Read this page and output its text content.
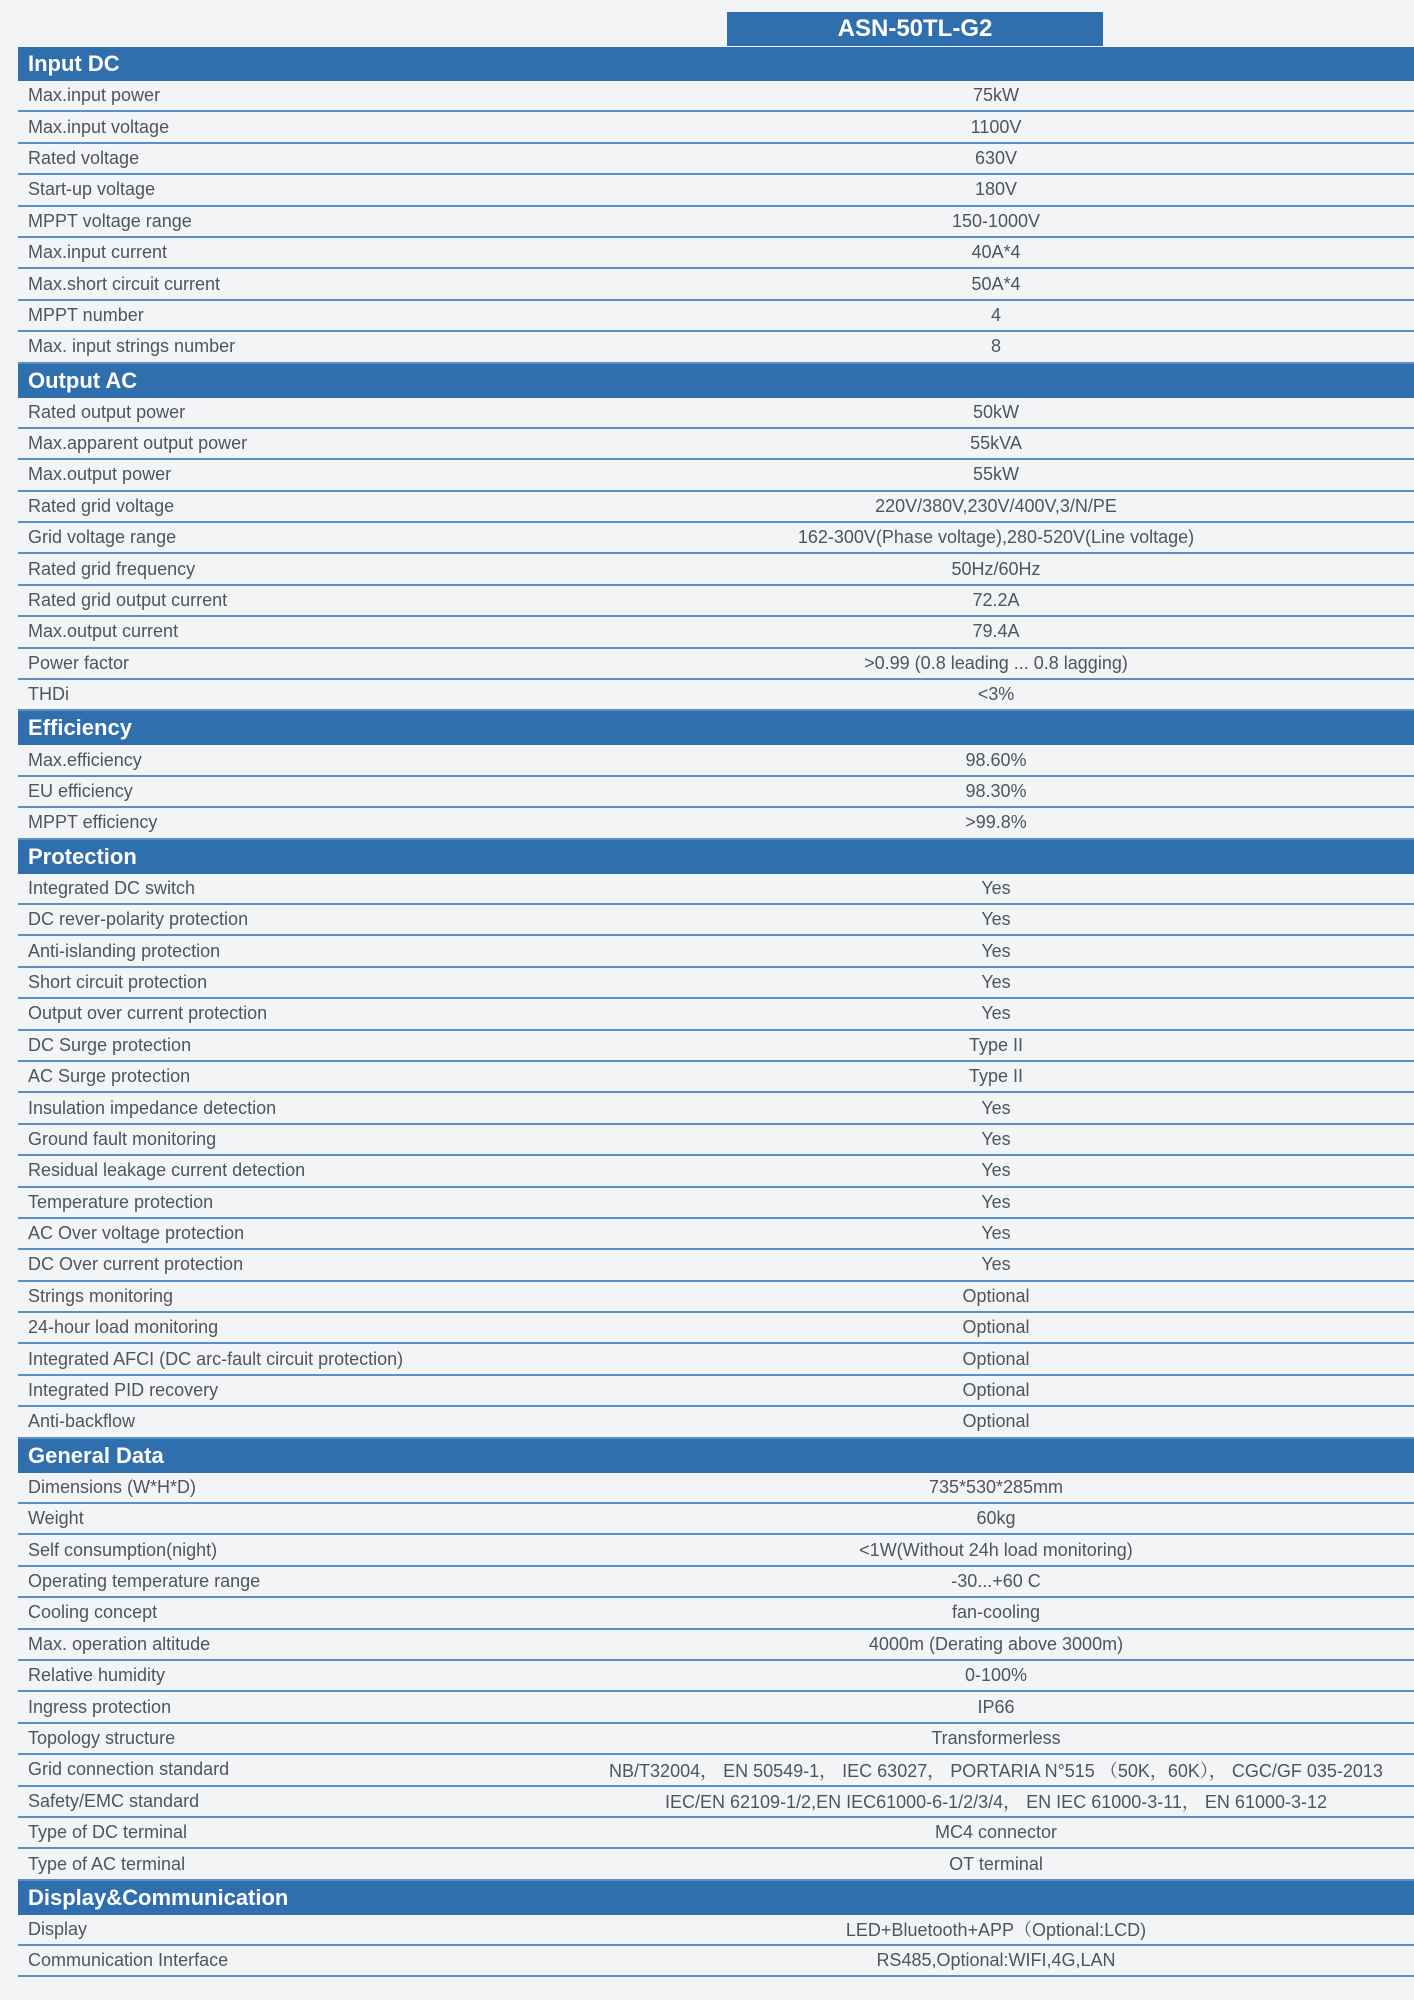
ASN-50TL-G2
Input DC
Max.input power	75kW
Max.input voltage	1100V
Rated voltage	630V
Start-up voltage	180V
MPPT voltage range	150-1000V
Max.input current	40A*4
Max.short circuit current	50A*4
MPPT number	4
Max. input strings number	8
Output AC
Rated output power	50kW
Max.apparent output power	55kVA
Max.output power	55kW
Rated grid voltage	220V/380V,230V/400V,3/N/PE
Grid voltage range	162-300V(Phase voltage),280-520V(Line voltage)
Rated grid frequency	50Hz/60Hz
Rated grid output current	72.2A
Max.output current	79.4A
Power factor	>0.99 (0.8 leading ... 0.8 lagging)
THDi	<3%
Efficiency
Max.efficiency	98.60%
EU efficiency	98.30%
MPPT efficiency	>99.8%
Protection
Integrated DC switch	Yes
DC rever-polarity protection	Yes
Anti-islanding protection	Yes
Short circuit protection	Yes
Output over current protection	Yes
DC Surge protection	Type II
AC Surge protection	Type II
Insulation impedance detection	Yes
Ground fault monitoring	Yes
Residual leakage current detection	Yes
Temperature protection	Yes
AC Over voltage protection	Yes
DC Over current protection	Yes
Strings monitoring	Optional
24-hour load monitoring	Optional
Integrated AFCI (DC arc-fault circuit protection)	Optional
Integrated PID recovery	Optional
Anti-backflow	Optional
General Data
Dimensions (W*H*D)	735*530*285mm
Weight	60kg
Self consumption(night)	<1W(Without 24h load monitoring)
Operating temperature range	-30...+60 C
Cooling concept	fan-cooling
Max. operation altitude	4000m (Derating above 3000m)
Relative humidity	0-100%
Ingress protection	IP66
Topology structure	Transformerless
Grid connection standard	NB/T32004， EN 50549-1， IEC 63027， PORTARIA N°515 （50K，60K）， CGC/GF 035-2013
Safety/EMC standard	IEC/EN 62109-1/2,EN IEC61000-6-1/2/3/4， EN IEC 61000-3-11， EN 61000-3-12
Type of DC terminal	MC4 connector
Type of AC terminal	OT terminal
Display&Communication
Display	LED+Bluetooth+APP（Optional:LCD)
Communication Interface	RS485,Optional:WIFI,4G,LAN
